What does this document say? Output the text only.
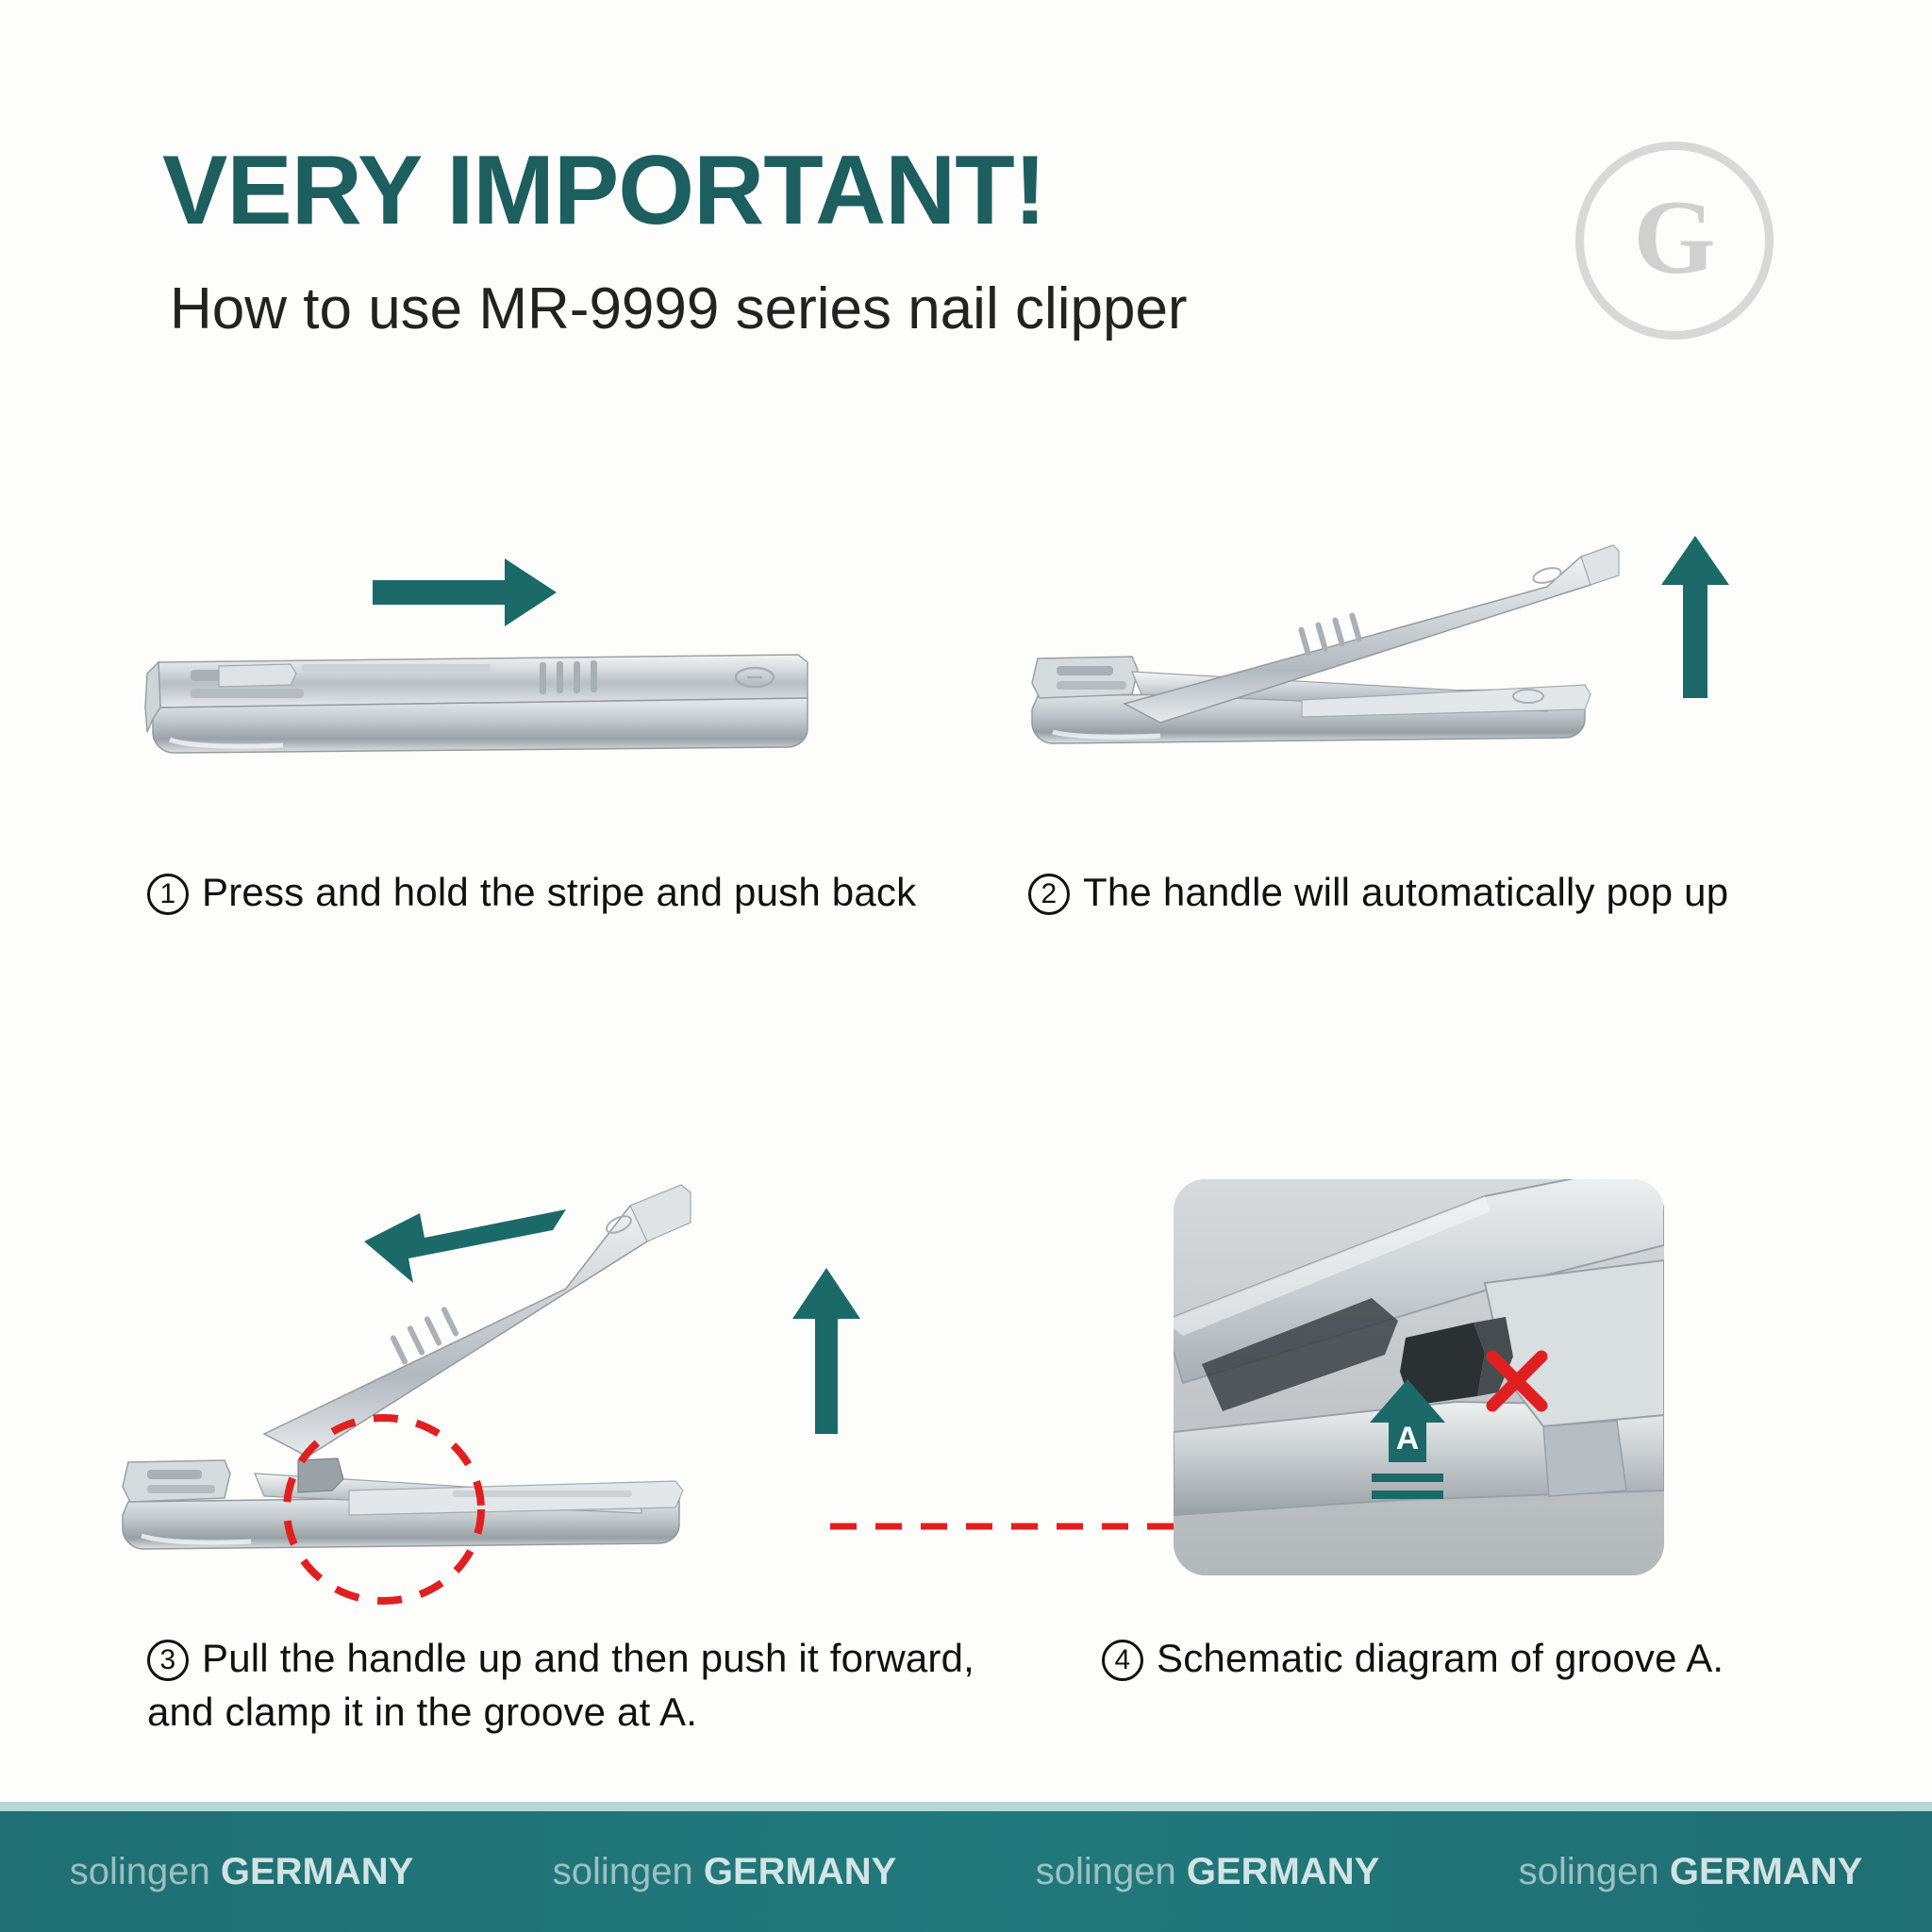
VERY IMPORTANT!
How to use MR-9999 series nail clipper
G
1 Press and hold the stripe and push back	2 The handle will automatically pop up
3 Pull the handle up and then push it forward, and clamp it in the groove at A.
A
4 Schematic diagram of groove A.
solingen GERMANY	solingen GERMANY	solingen GERMANY	solingen GERMANY
